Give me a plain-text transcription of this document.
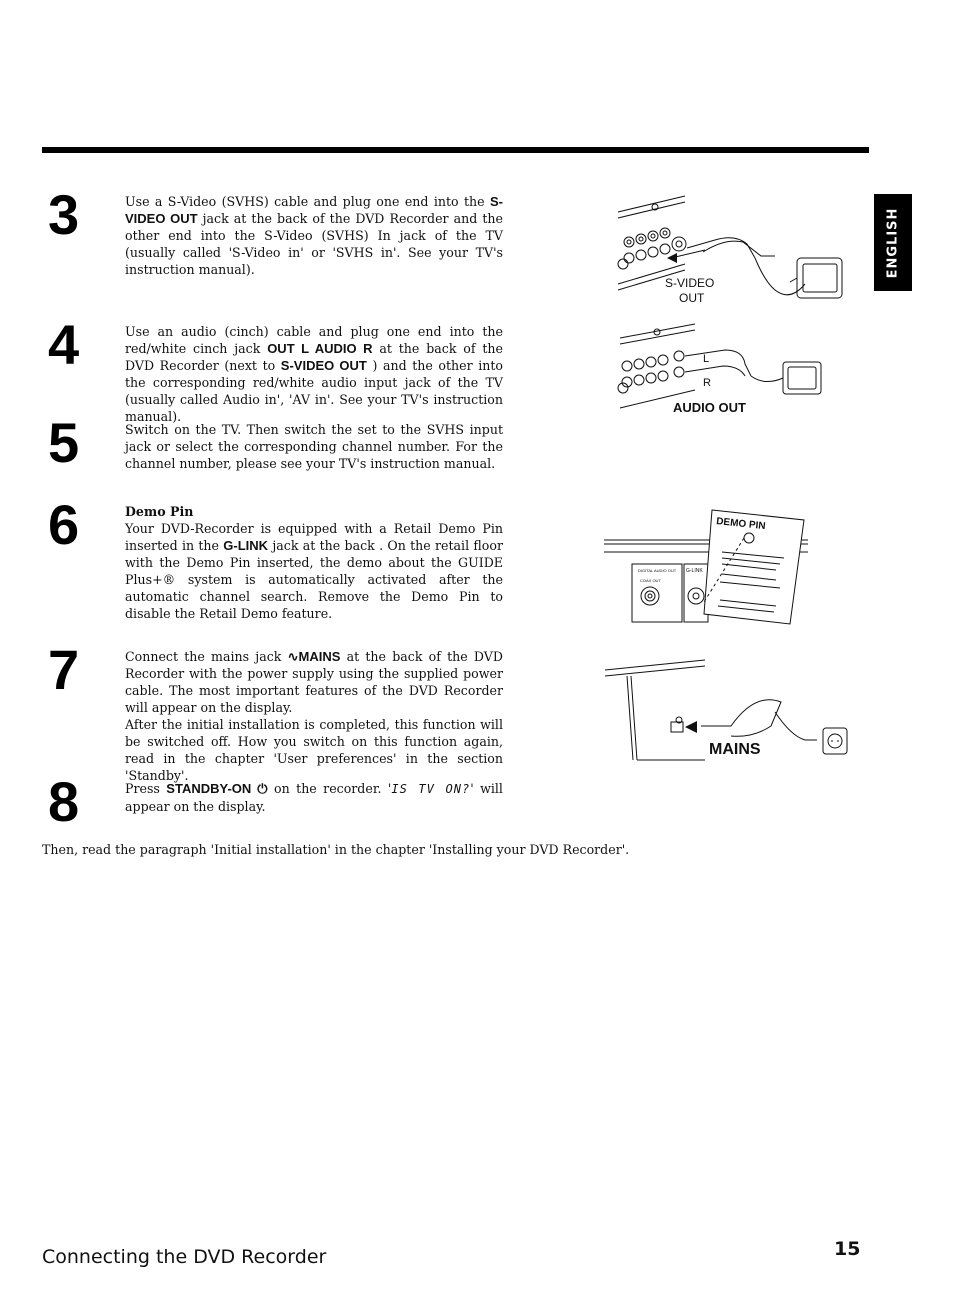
ENGLISH
3	Use a S-Video (SVHS) cable and plug one end into the S-VIDEO OUT jack at the back of the DVD Recorder and the other end into the S-Video (SVHS) In jack of the TV (usually called 'S-Video in' or 'SVHS in'. See your TV's instruction manual).
4	Use an audio (cinch) cable and plug one end into the red/white cinch jack OUT L AUDIO R at the back of the DVD Recorder (next to S-VIDEO OUT ) and the other into the corresponding red/white audio input jack of the TV (usually called Audio in', 'AV in'. See your TV's instruction manual).
5	Switch on the TV. Then switch the set to the SVHS input jack or select the corresponding channel number. For the channel number, please see your TV's instruction manual.
6	Demo Pin
Your DVD-Recorder is equipped with a Retail Demo Pin inserted in the G-LINK jack at the back . On the retail floor with the Demo Pin inserted, the demo about the GUIDE Plus+® system is automatically activated after the automatic channel search. Remove the Demo Pin to disable the Retail Demo feature.
7	Connect the mains jack ∿MAINS at the back of the DVD Recorder with the power supply using the supplied power cable. The most important features of the DVD Recorder will appear on the display.
After the initial installation is completed, this function will be switched off. How you switch on this function again, read in the chapter 'User preferences' in the section 'Standby'.
8	Press STANDBY-ON ⏻ on the recorder. 'IS TV ON?' will appear on the display.
Then, read the paragraph 'Initial installation' in the chapter 'Installing your DVD Recorder'.
S-VIDEO
OUT
L
R
AUDIO OUT
DEMO PIN
G-LINK
DIGITAL AUDIO OUT
COAX OUT
MAINS
Connecting the DVD Recorder	15
